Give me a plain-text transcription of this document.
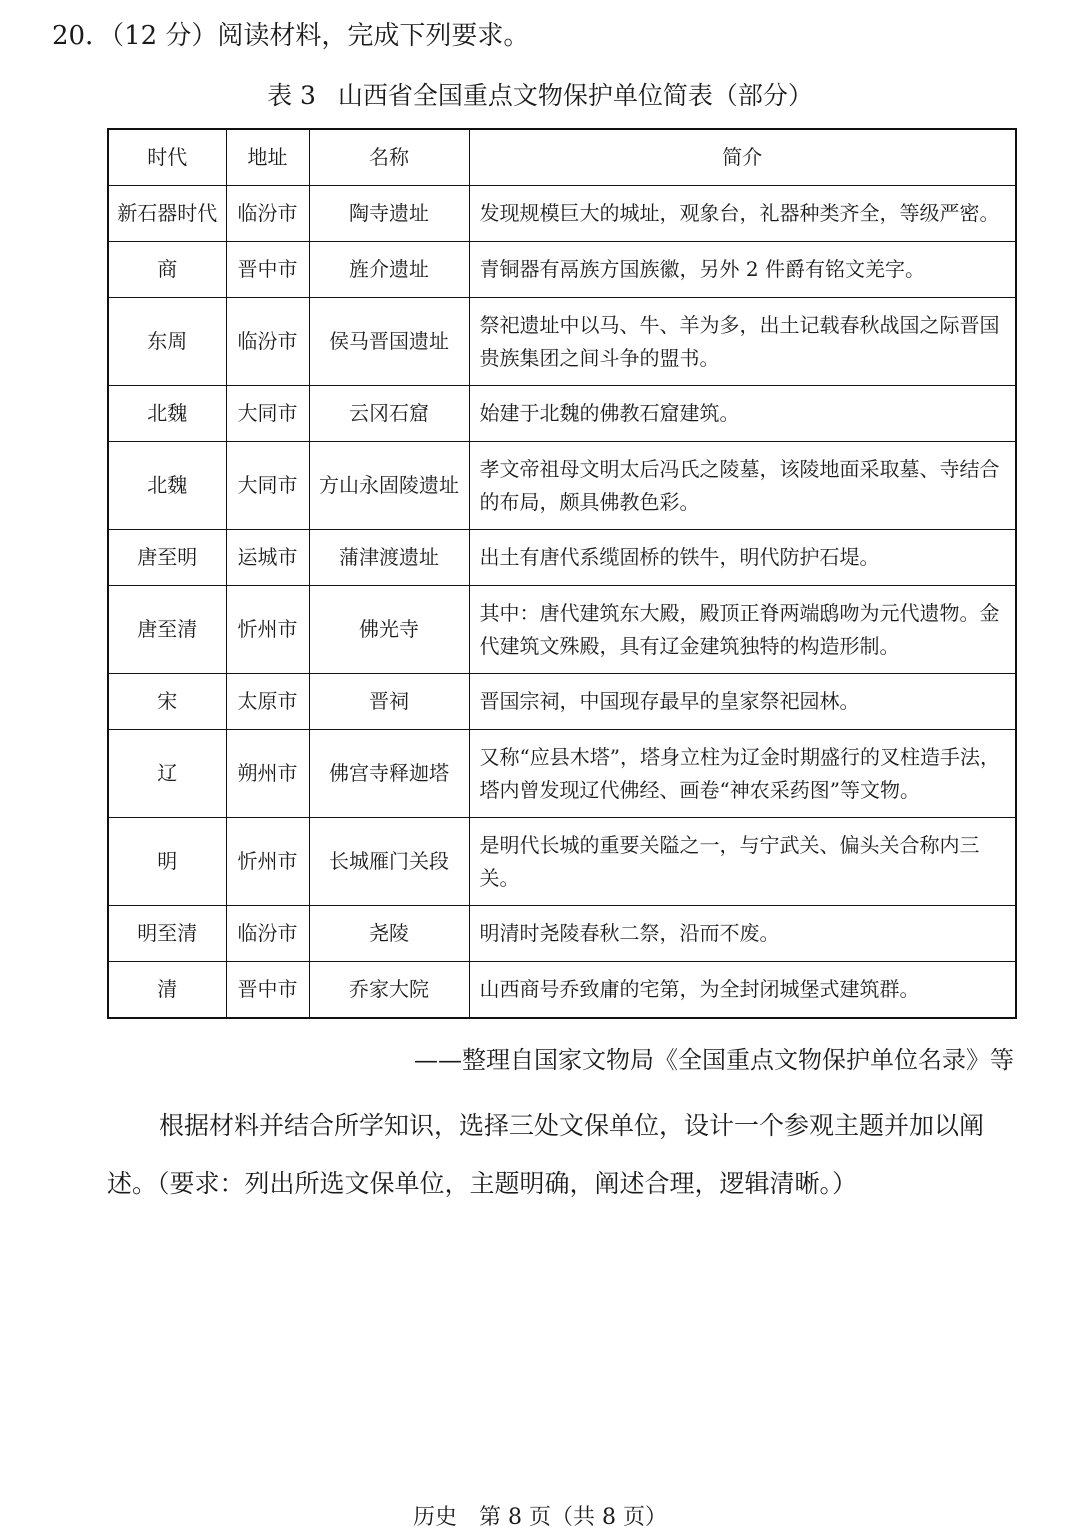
20．（12 分）阅读材料，完成下列要求。
表 3 山西省全国重点文物保护单位简表（部分）
时代	地址	名称	简介
新石器时代	临汾市	陶寺遗址	发现规模巨大的城址，观象台，礼器种类齐全，等级严密。
商	晋中市	旌介遗址	青铜器有鬲族方国族徽，另外 2 件爵有铭文羌字。
东周	临汾市	侯马晋国遗址	祭祀遗址中以马、牛、羊为多，出土记载春秋战国之际晋国贵族集团之间斗争的盟书。
北魏	大同市	云冈石窟	始建于北魏的佛教石窟建筑。
北魏	大同市	方山永固陵遗址	孝文帝祖母文明太后冯氏之陵墓，该陵地面采取墓、寺结合的布局，颇具佛教色彩。
唐至明	运城市	蒲津渡遗址	出土有唐代系缆固桥的铁牛，明代防护石堤。
唐至清	忻州市	佛光寺	其中：唐代建筑东大殿，殿顶正脊两端鸱吻为元代遗物。金代建筑文殊殿，具有辽金建筑独特的构造形制。
宋	太原市	晋祠	晋国宗祠，中国现存最早的皇家祭祀园林。
辽	朔州市	佛宫寺释迦塔	又称“应县木塔”，塔身立柱为辽金时期盛行的叉柱造手法，塔内曾发现辽代佛经、画卷“神农采药图”等文物。
明	忻州市	长城雁门关段	是明代长城的重要关隘之一，与宁武关、偏头关合称内三关。
明至清	临汾市	尧陵	明清时尧陵春秋二祭，沿而不废。
清	晋中市	乔家大院	山西商号乔致庸的宅第，为全封闭城堡式建筑群。
——整理自国家文物局《全国重点文物保护单位名录》等
根据材料并结合所学知识，选择三处文保单位，设计一个参观主题并加以阐述。（要求：列出所选文保单位，主题明确，阐述合理，逻辑清晰。）
历史　第 8 页（共 8 页）
